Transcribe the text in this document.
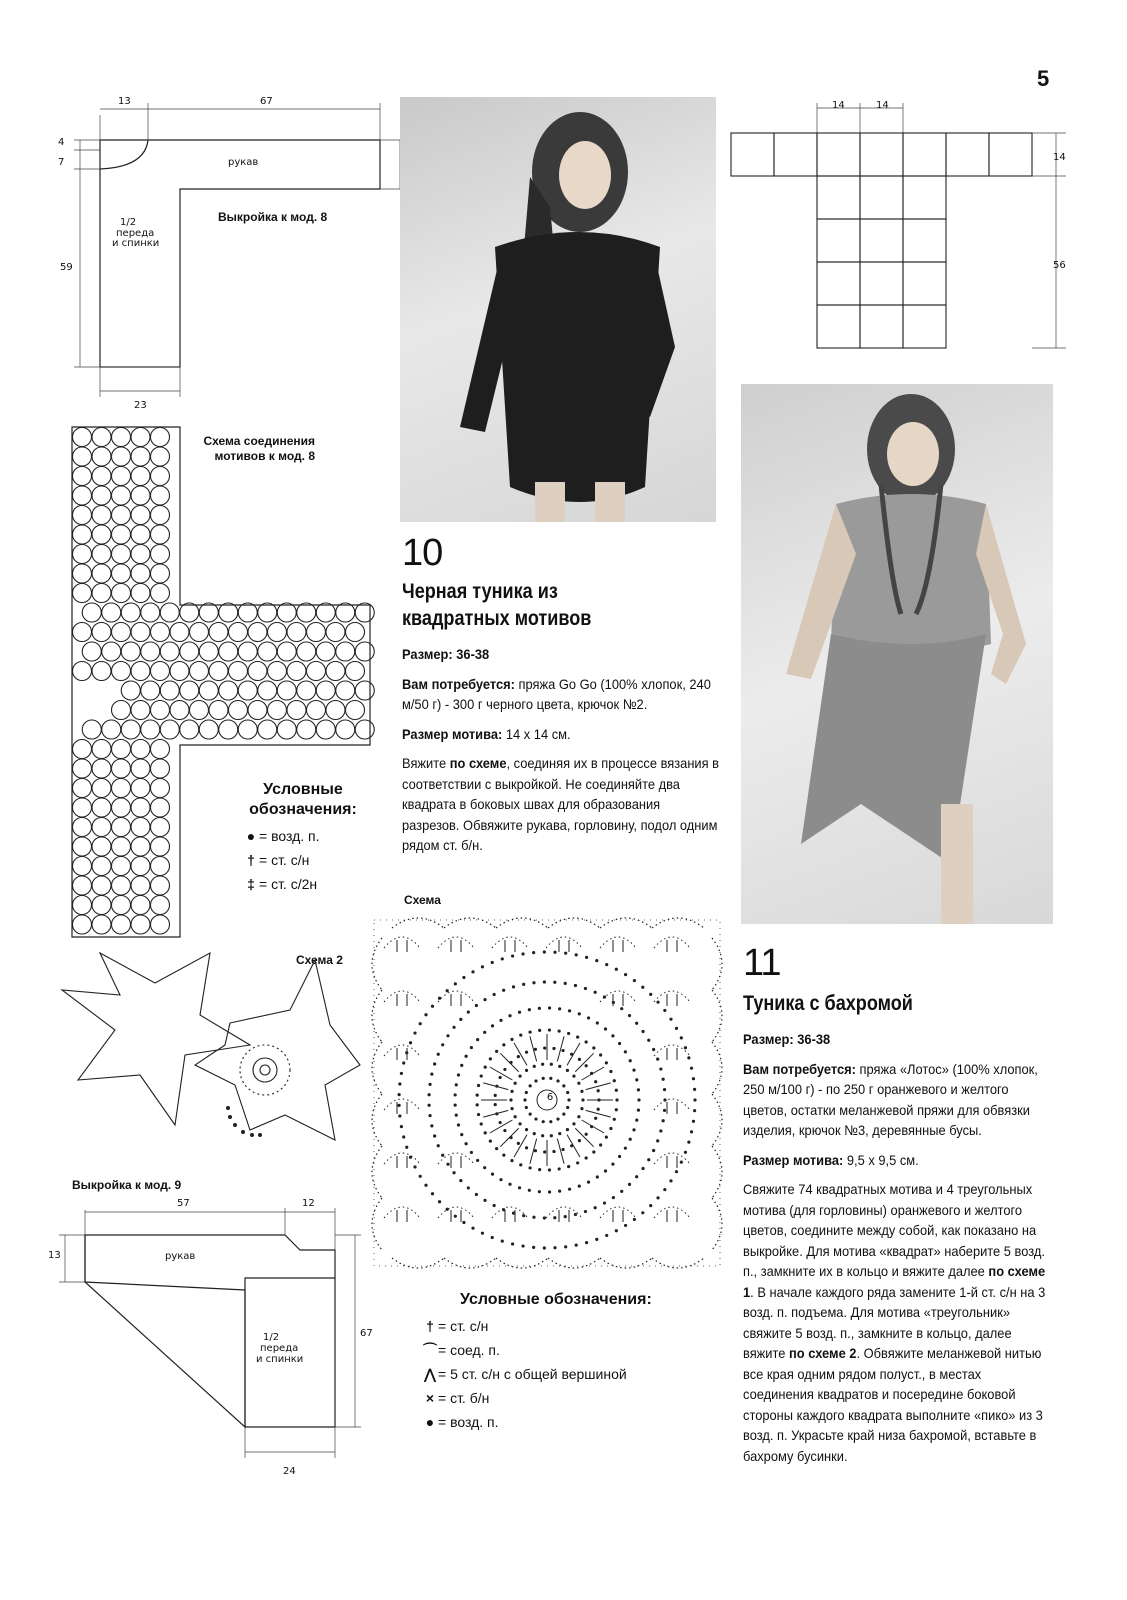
5
13	67
4
7
59
23
рукав
1/2
переда
и спинки
Выкройка к мод. 8
Схема соединения
мотивов к мод. 8
Условные
обозначения:
● = возд. п.
† = ст. с/н
‡ = ст. с/2н
Схема 2
Выкройка к мод. 9
57	12
13
67
24
рукав
1/2
переда
и спинки
10
Черная туника из
квадратных мотивов

Размер: 36-38

Вам потребуется: пряжа Go Go (100% хлопок, 240 м/50 г) - 300 г черного цвета, крючок №2.

Размер мотива: 14 х 14 см.

Вяжите по схеме, соединяя их в процессе вязания в соответствии с выкройкой. Не соединяйте два квадрата в боковых швах для образования разрезов. Обвяжите рукава, горловину, подол одним рядом ст. б/н.

Схема
6
Условные обозначения:
† = ст. с/н
⌒= соед. п.
⋀ = 5 ст. с/н с общей вершиной
× = ст. б/н
● = возд. п.
14	14
14
56
11
Туника с бахромой

Размер: 36-38

Вам потребуется: пряжа «Лотос» (100% хлопок, 250 м/100 г) - по 250 г оранжевого и желтого цветов, остатки меланжевой пряжи для обвязки изделия, крючок №3, деревянные бусы.

Размер мотива: 9,5 х 9,5 см.

Свяжите 74 квадратных мотива и 4 треугольных мотива (для горловины) оранжевого и желтого цветов, соедините между собой, как показано на выкройке. Для мотива «квадрат» наберите 5 возд. п., замкните их в кольцо и вяжите далее по схеме 1. В начале каждого ряда замените 1-й ст. с/н на 3 возд. п. подъема. Для мотива «треугольник» свяжите 5 возд. п., замкните в кольцо, далее вяжите по схеме 2. Обвяжите меланжевой нитью все края одним рядом полуст., в местах соединения квадратов и посередине боковой стороны каждого квадрата выполните «пико» из 3 возд. п. Украсьте край низа бахромой, вставьте в бахрому бусинки.
